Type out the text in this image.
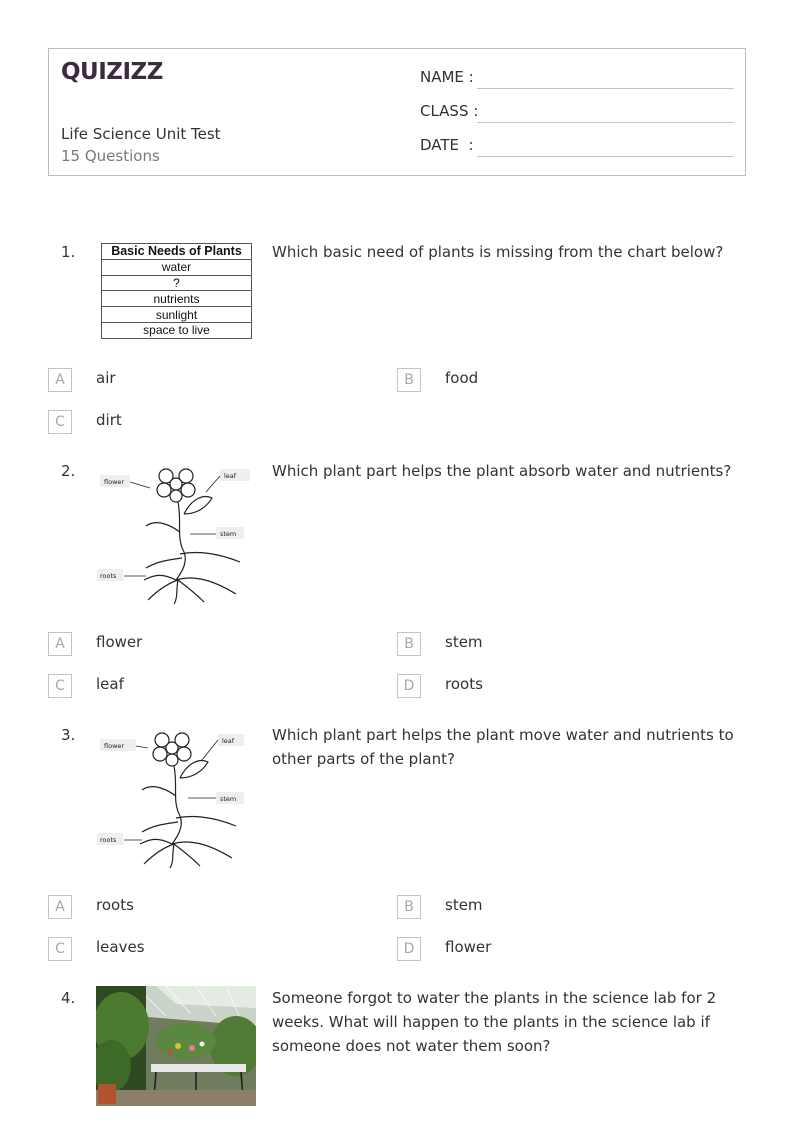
QUIZIZZ
Life Science Unit Test
15 Questions
NAME :
CLASS :
DATE  :
1.	Basic Needs of Plants
water
?
nutrients
sunlight
space to live
Which basic need of plants is missing from the chart below?
A	air	B	food
C	dirt
2.
flower
leaf
stem
roots
Which plant part helps the plant absorb water and nutrients?
A	flower	B	stem
C	leaf	D	roots
3.
flower
leaf
stem
roots
Which plant part helps the plant move water and nutrients to other parts of the plant?
A	roots	B	stem
C	leaves	D	flower
4.	Someone forgot to water the plants in the science lab for 2 weeks. What will happen to the plants in the science lab if someone does not water them soon?
